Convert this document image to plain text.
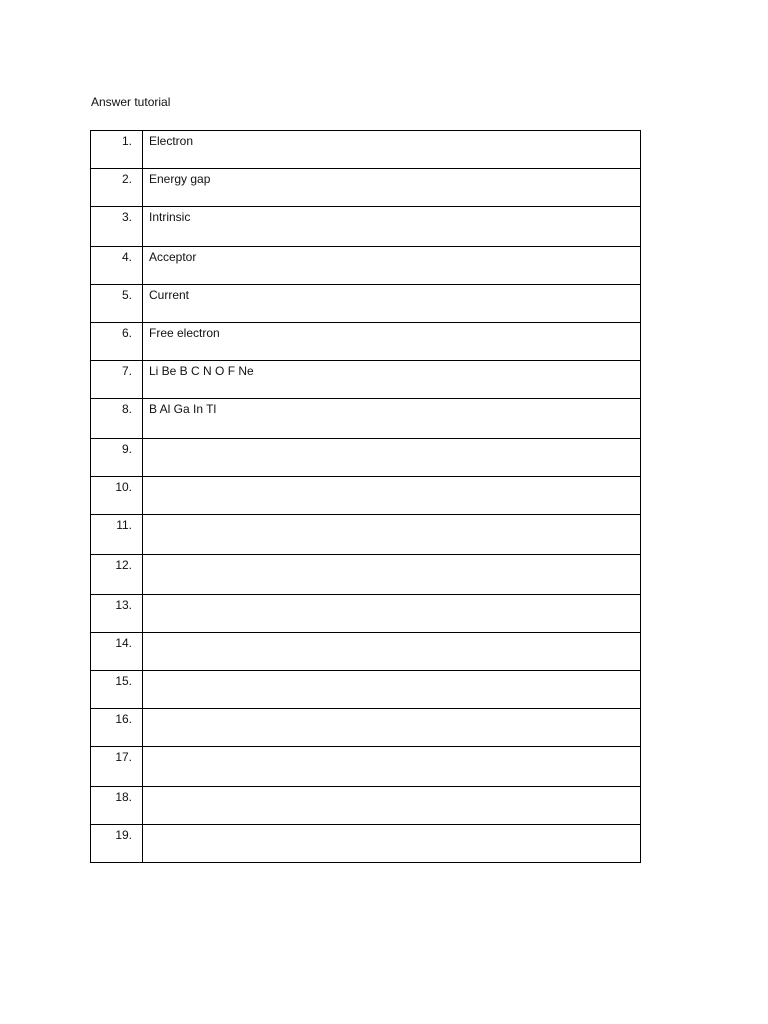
Answer tutorial
1.	Electron
2.	Energy gap
3.	Intrinsic
4.	Acceptor
5.	Current
6.	Free electron
7.	Li Be B C N O F Ne
8.	B Al Ga In Tl
9.	
10.	
11.	
12.	
13.	
14.	
15.	
16.	
17.	
18.	
19.	
